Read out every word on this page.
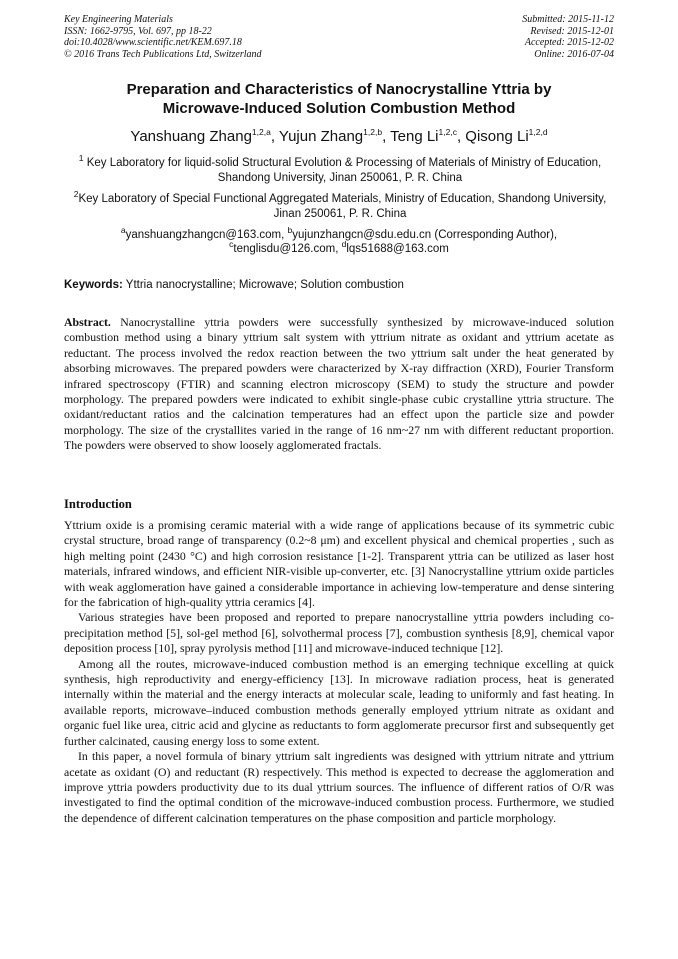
Key Engineering Materials
ISSN: 1662-9795, Vol. 697, pp 18-22
doi:10.4028/www.scientific.net/KEM.697.18
© 2016 Trans Tech Publications Ltd, Switzerland
Submitted: 2015-11-12
Revised: 2015-12-01
Accepted: 2015-12-02
Online: 2016-07-04
Preparation and Characteristics of Nanocrystalline Yttria by
Microwave-Induced Solution Combustion Method
Yanshuang Zhang$^{1,2,a}$, Yujun Zhang$^{1,2,b}$, Teng Li$^{1,2,c}$, Qisong Li$^{1,2,d}$
$^1$ Key Laboratory for liquid-solid Structural Evolution & Processing of Materials of Ministry of Education, Shandong University, Jinan 250061, P. R. China
$^2$Key Laboratory of Special Functional Aggregated Materials, Ministry of Education, Shandong University, Jinan 250061, P. R. China
$^a$yanshuangzhangcn@163.com, $^b$yujunzhangcn@sdu.edu.cn (Corresponding Author),
$^c$tenglisdu@126.com, $^d$lqs51688@163.com
Keywords: Yttria nanocrystalline; Microwave; Solution combustion
Abstract. Nanocrystalline yttria powders were successfully synthesized by microwave-induced solution combustion method using a binary yttrium salt system with yttrium nitrate as oxidant and yttrium acetate as reductant. The process involved the redox reaction between the two yttrium salt under the heat generated by absorbing microwaves. The prepared powders were characterized by X-ray diffraction (XRD), Fourier Transform infrared spectroscopy (FTIR) and scanning electron microscopy (SEM) to study the structure and powder morphology. The prepared powders were indicated to exhibit single-phase cubic crystalline yttria structure. The oxidant/reductant ratios and the calcination temperatures had an effect upon the particle size and powder morphology. The size of the crystallites varied in the range of 16 nm~27 nm with different reductant proportion. The powders were observed to show loosely agglomerated fractals.
Introduction

Yttrium oxide is a promising ceramic material with a wide range of applications because of its symmetric cubic crystal structure, broad range of transparency (0.2~8 μm) and excellent physical and chemical properties , such as high melting point (2430 °C) and high corrosion resistance [1-2]. Transparent yttria can be utilized as laser host materials, infrared windows, and efficient NIR-visible up-converter, etc. [3] Nanocrystalline yttrium oxide particles with weak agglomeration have gained a considerable importance in achieving low-temperature and dense sintering for the fabrication of high-quality yttria ceramics [4].

Various strategies have been proposed and reported to prepare nanocrystalline yttria powders including co-precipitation method [5], sol-gel method [6], solvothermal process [7], combustion synthesis [8,9], chemical vapor deposition process [10], spray pyrolysis method [11] and microwave-induced technique [12].

Among all the routes, microwave-induced combustion method is an emerging technique excelling at quick synthesis, high reproductivity and energy-efficiency [13]. In microwave radiation process, heat is generated internally within the material and the energy interacts at molecular scale, leading to uniformly and fast heating. In available reports, microwave–induced combustion methods generally employed yttrium nitrate as oxidant and organic fuel like urea, citric acid and glycine as reductants to form agglomerate precursor first and subsequently get further calcinated, causing energy loss to some extent.

In this paper, a novel formula of binary yttrium salt ingredients was designed with yttrium nitrate and yttrium acetate as oxidant (O) and reductant (R) respectively. This method is expected to decrease the agglomeration and improve yttria powders productivity due to its dual yttrium sources. The influence of different ratios of O/R was investigated to find the optimal condition of the microwave-induced combustion process. Furthermore, we studied the dependence of different calcination temperatures on the phase composition and particle morphology.
